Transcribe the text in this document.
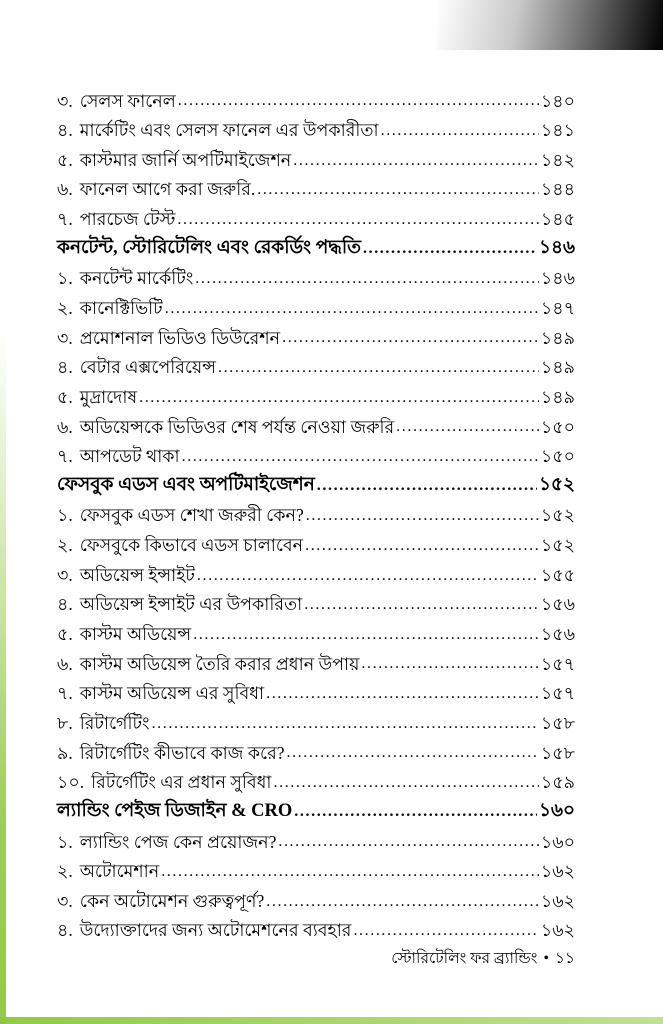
৩. সেলস ফানেল .....	১৪০
৪. মার্কেটিং এবং সেলস ফানেল এর উপকারীতা .....	১৪১
৫. কাস্টমার জার্নি অপটিমাইজেশন .....	১৪২
৬. ফানেল আগে করা জরুরি. .....	১৪৪
৭. পারচেজ টেস্ট .....	১৪৫
কনটেন্ট, স্টোরিটেলিং এবং রেকর্ডিং পদ্ধতি .....	১৪৬
১. কনটেন্ট মার্কেটিং .....	১৪৬
২. কানেক্টিভিটি .....	১৪৭
৩. প্রমোশনাল ভিডিও ডিউরেশন .....	১৪৯
৪. বেটার এক্সপেরিয়েন্স .....	১৪৯
৫. মুদ্রাদোষ .....	১৪৯
৬. অডিয়েন্সকে ভিডিওর শেষ পর্যন্ত নেওয়া জরুরি .....	১৫০
৭. আপডেট থাকা .....	১৫০
ফেসবুক এডস এবং অপটিমাইজেশন .....	১৫২
১. ফেসবুক এডস শেখা জরুরী কেন? .....	১৫২
২. ফেসবুকে কিভাবে এডস চালাবেন .....	১৫২
৩. অডিয়েন্স ইন্সাইট .....	১৫৫
৪. অডিয়েন্স ইন্সাইট এর উপকারিতা .....	১৫৬
৫. কাস্টম অডিয়েন্স .....	১৫৬
৬. কাস্টম অডিয়েন্স তৈরি করার প্রধান উপায় .....	১৫৭
৭. কাস্টম অডিয়েন্স এর সুবিধা .....	১৫৭
৮. রিটার্গেটিং .....	১৫৮
৯. রিটার্গেটিং কীভাবে কাজ করে? .....	১৫৮
১০. রিটর্গেটিং এর প্রধান সুবিধা .....	১৫৯
ল্যান্ডিং পেইজ ডিজাইন & CRO .....	১৬০
১. ল্যান্ডিং পেজ কেন প্রয়োজন? .....	১৬০
২. অটোমেশান .....	১৬২
৩. কেন অটোমেশন গুরুত্বপূর্ণ? .....	১৬২
৪. উদ্যোক্তাদের জন্য অটোমেশনের ব্যবহার .....	১৬২
স্টোরিটেলিং ফর ব্র্যান্ডিং • ১১
